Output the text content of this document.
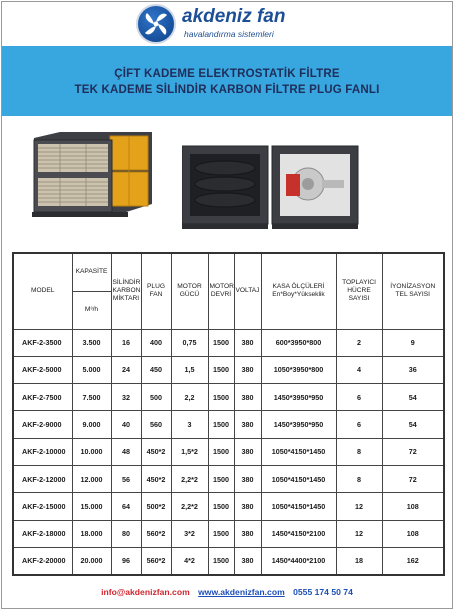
akdeniz fan
havalandırma sistemleri
ÇİFT KADEME ELEKTROSTATİK FİLTRE
TEK KADEME SİLİNDİR KARBON FİLTRE PLUG FANLI
MODEL	KAPASİTE	SİLİNDİR KARBON MİKTARI	PLUG FAN	MOTOR GÜCÜ	MOTOR DEVRİ	VOLTAJ	KASA ÖLÇÜLERİ En*Boy*Yükseklik	TOPLAYICI HÜCRE SAYISI	İYONİZASYON TEL SAYISI
	M³/h								
AKF-2-3500	3.500	16	400	0,75	1500	380	600*3950*800	2	9
AKF-2-5000	5.000	24	450	1,5	1500	380	1050*3950*800	4	36
AKF-2-7500	7.500	32	500	2,2	1500	380	1450*3950*950	6	54
AKF-2-9000	9.000	40	560	3	1500	380	1450*3950*950	6	54
AKF-2-10000	10.000	48	450*2	1,5*2	1500	380	1050*4150*1450	8	72
AKF-2-12000	12.000	56	450*2	2,2*2	1500	380	1050*4150*1450	8	72
AKF-2-15000	15.000	64	500*2	2,2*2	1500	380	1050*4150*1450	12	108
AKF-2-18000	18.000	80	560*2	3*2	1500	380	1450*4150*2100	12	108
AKF-2-20000	20.000	96	560*2	4*2	1500	380	1450*4400*2100	18	162
info@akdenizfan.com www.akdenizfan.com 0555 174 50 74
